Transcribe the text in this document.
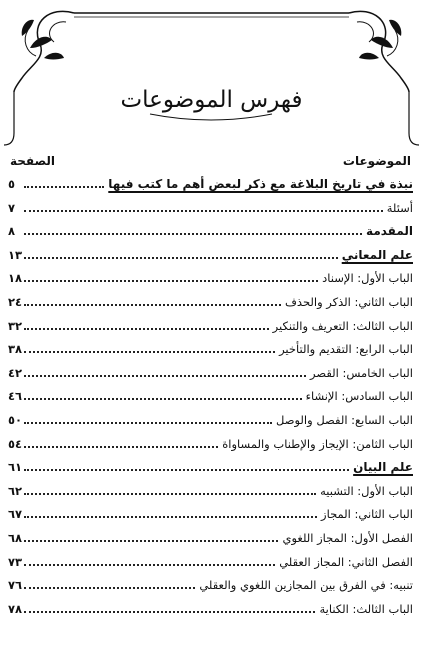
فهرس الموضوعات
الموضوعات
الصفحة
نبذة في تاريخ البلاغة مع ذكر لبعض أهم ما كتب فيها
٥
أسئلة
٧
المقدمة
٨
علم المعاني
١٣
الباب الأول: الإسناد
١٨
الباب الثاني: الذكر والحذف
٢٤
الباب الثالث: التعريف والتنكير
٣٢
الباب الرابع: التقديم والتأخير
٣٨
الباب الخامس: القصر
٤٢
الباب السادس: الإنشاء
٤٦
الباب السابع: الفصل والوصل
٥٠
الباب الثامن: الإيجاز والإطناب والمساواة
٥٤
علم البيان
٦١
الباب الأول: التشبيه
٦٢
الباب الثاني: المجاز
٦٧
الفصل الأول: المجاز اللغوي
٦٨
الفصل الثاني: المجاز العقلي
٧٣
تنبيه: في الفرق بين المجازين اللغوي والعقلي
٧٦
الباب الثالث: الكناية
٧٨
